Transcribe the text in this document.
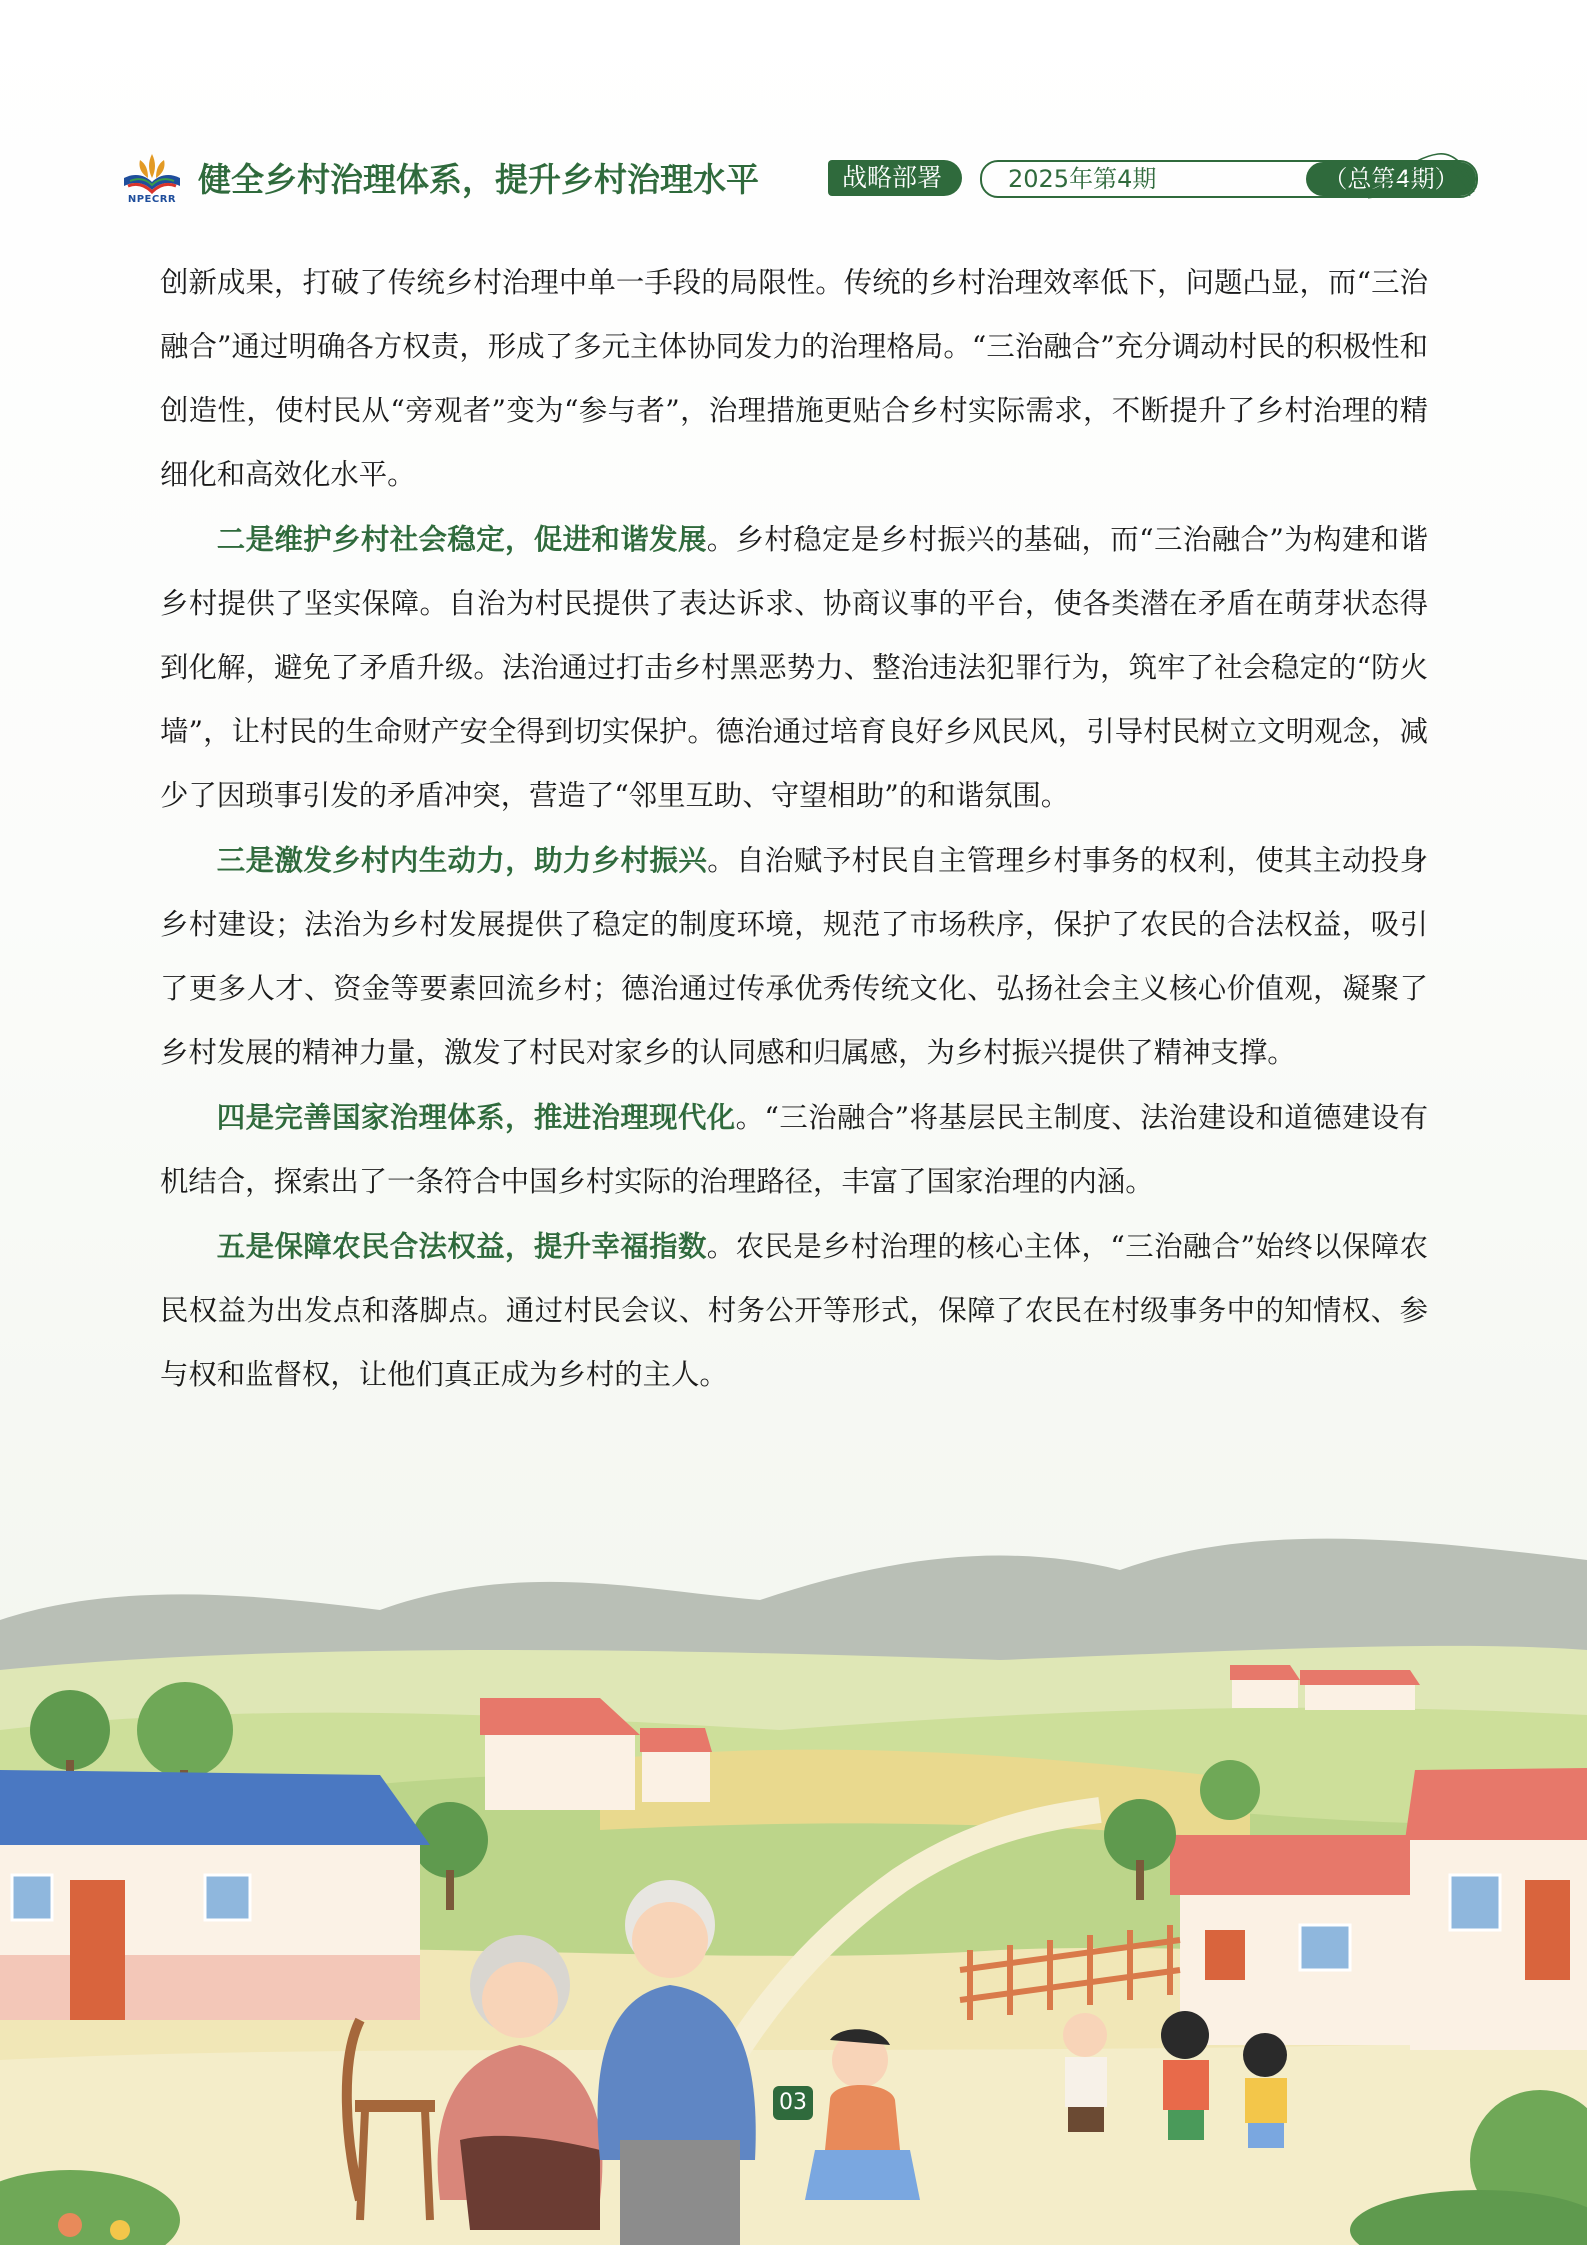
NPECRR
健全乡村治理体系，提升乡村治理水平	战略部署	2025年第4期	（总第4期）

创新成果，打破了传统乡村治理中单一手段的局限性。传统的乡村治理效率低下，问题凸显，而“三治融合”通过明确各方权责，形成了多元主体协同发力的治理格局。“三治融合”充分调动村民的积极性和创造性，使村民从“旁观者”变为“参与者”，治理措施更贴合乡村实际需求，不断提升了乡村治理的精细化和高效化水平。

二是维护乡村社会稳定，促进和谐发展。乡村稳定是乡村振兴的基础，而“三治融合”为构建和谐乡村提供了坚实保障。自治为村民提供了表达诉求、协商议事的平台，使各类潜在矛盾在萌芽状态得到化解，避免了矛盾升级。法治通过打击乡村黑恶势力、整治违法犯罪行为，筑牢了社会稳定的“防火墙”，让村民的生命财产安全得到切实保护。德治通过培育良好乡风民风，引导村民树立文明观念，减少了因琐事引发的矛盾冲突，营造了“邻里互助、守望相助”的和谐氛围。

三是激发乡村内生动力，助力乡村振兴。自治赋予村民自主管理乡村事务的权利，使其主动投身乡村建设；法治为乡村发展提供了稳定的制度环境，规范了市场秩序，保护了农民的合法权益，吸引了更多人才、资金等要素回流乡村；德治通过传承优秀传统文化、弘扬社会主义核心价值观，凝聚了乡村发展的精神力量，激发了村民对家乡的认同感和归属感，为乡村振兴提供了精神支撑。

四是完善国家治理体系，推进治理现代化。“三治融合”将基层民主制度、法治建设和道德建设有机结合，探索出了一条符合中国乡村实际的治理路径，丰富了国家治理的内涵。

五是保障农民合法权益，提升幸福指数。农民是乡村治理的核心主体，“三治融合”始终以保障农民权益为出发点和落脚点。通过村民会议、村务公开等形式，保障了农民在村级事务中的知情权、参与权和监督权，让他们真正成为乡村的主人。

03
